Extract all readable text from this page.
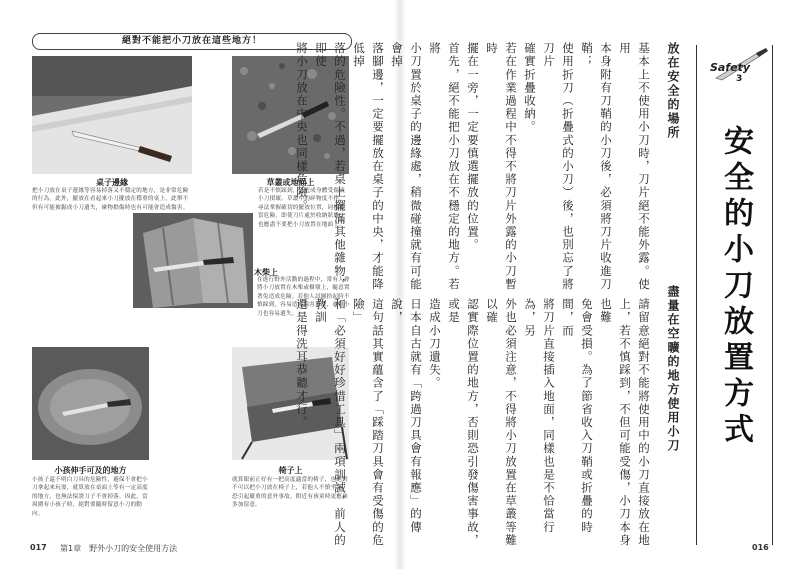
絕對不能把小刀放在這些地方！
桌子邊緣
把小刀放在桌子邊緣等容易掉落又不穩定的地方，是非常危險的行為。此外，擺放在看起來小刀擺放在穩重的桌上，此舉不但有可能被鋸成小刀遺失，碰物損傷時也有可能會造成傷害。
草叢或地面上
若是不慎踩到，恐造成身體受傷或小刀損壞。草叢中的碎物度不佳，尋法掌握確切的擺放位置，同樣相當危險。即使刀片處於收納狀態，也應盡不要把小刀放置在地面上。
木柴上
在進行野外活動的過程中，常有人會將小刀放置在木柴或樹墩上，隨意置著免造成危險。若他人試圖拾起時不慎踩到，容易造成傷害事故，而且小刀也容易遺失。
小孩伸手可及的地方
小孩子還不明白刀具的危險性，避保不會把小刀拿起來玩耍，就算放在桌面上等有一定高度的地方，也無法保證刀子不會掉落。因此，當周圍有小孩子時，絕對要隨時留意小刀的動向。
椅子上
就算眼前正好有一把高度適當的椅子，也絕對不可以把小刀放在椅子上，若他人不慎坐下，恐引起嚴重的意外事故。附近有孩童時更應該多加留意。
017 第1章　野外小刀的安全使用方法
Safety
3
安全的小刀放置方式
放在安全的場所
基本上不使用小刀時，刀片絕不能外露。使用
本身附有刀鞘的小刀後，必須將刀片收進刀鞘；
使用折刀（折疊式的小刀）後，也別忘了將刀片
確實折疊收納。
若在作業過程中不得不將刀片外露的小刀暫時
擺在一旁，一定要慎選擺放的位置。
首先，絕不能把小刀放在不穩定的地方。若將
小刀置於桌子的邊緣處，稍微碰撞就有可能會掉
落腳邊，一定要擺放在桌子的中央，才能降低掉
落的危險性。不過，若桌上擺滿其他雜物，即使
將小刀放在中央也同樣危險。
盡量在空曠的地方使用小刀
請留意絕對不能將使用中的小刀直接放在地
上，若不慎踩到，不但可能受傷，小刀本身也難
免會受損。為了節省收入刀鞘或折疊的時間，而
將刀片直接插入地面，同樣也是不恰當行為，另
外也必須注意，不得將小刀放置在草叢等難以確
認實際位置的地方，否則恐引發傷害事故，或是
造成小刀遺失。
日本自古就有「跨過刀具會有報應」的傳說，
這句話其實蘊含了「踩踏刀具會有受傷的危險」
和「必須好好珍惜工具」兩項訓誡，前人的教訓
還是得洗耳恭聽才行。
016
